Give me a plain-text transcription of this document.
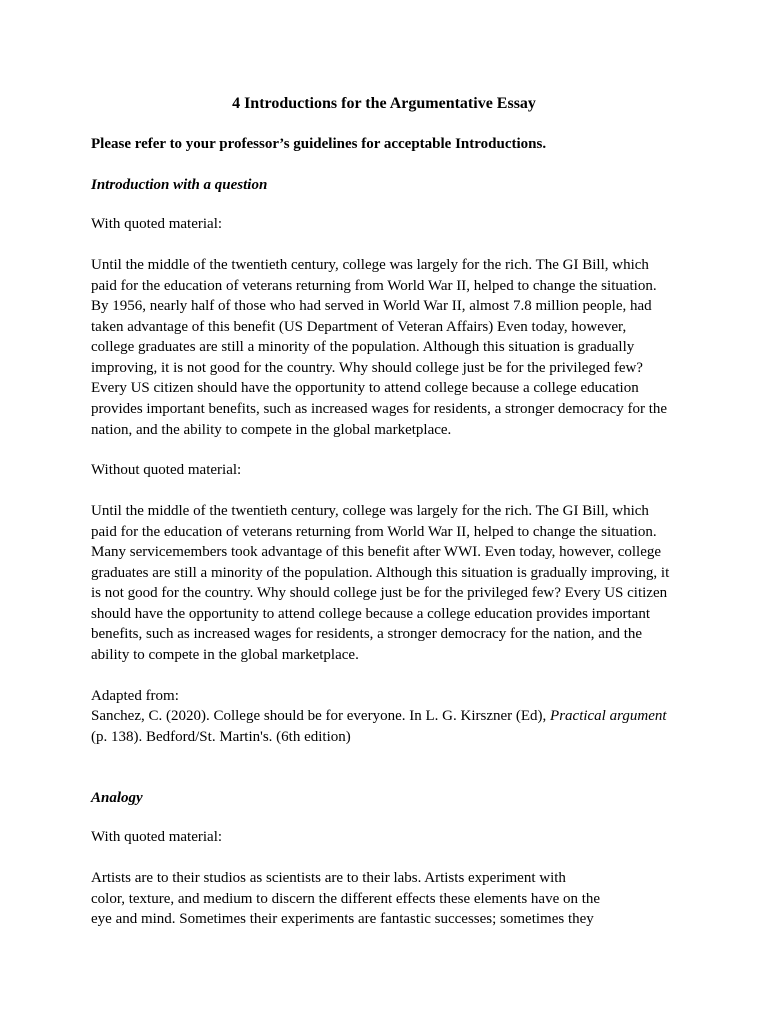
4 Introductions for the Argumentative Essay
Please refer to your professor’s guidelines for acceptable Introductions.
Introduction with a question
With quoted material:
Until the middle of the twentieth century, college was largely for the rich. The GI Bill, which
paid for the education of veterans returning from World War II, helped to change the situation.
By 1956, nearly half of those who had served in World War II, almost 7.8 million people, had
taken advantage of this benefit (US Department of Veteran Affairs) Even today, however,
college graduates are still a minority of the population. Although this situation is gradually
improving, it is not good for the country. Why should college just be for the privileged few?
Every US citizen should have the opportunity to attend college because a college education
provides important benefits, such as increased wages for residents, a stronger democracy for the
nation, and the ability to compete in the global marketplace.
Without quoted material:
Until the middle of the twentieth century, college was largely for the rich. The GI Bill, which
paid for the education of veterans returning from World War II, helped to change the situation.
Many servicemembers took advantage of this benefit after WWI. Even today, however, college
graduates are still a minority of the population. Although this situation is gradually improving, it
is not good for the country. Why should college just be for the privileged few? Every US citizen
should have the opportunity to attend college because a college education provides important
benefits, such as increased wages for residents, a stronger democracy for the nation, and the
ability to compete in the global marketplace.
Adapted from:
Sanchez, C. (2020). College should be for everyone. In L. G. Kirszner (Ed), Practical argument
(p. 138). Bedford/St. Martin's. (6th edition)
Analogy
With quoted material:
Artists are to their studios as scientists are to their labs. Artists experiment with
color, texture, and medium to discern the different effects these elements have on the
eye and mind. Sometimes their experiments are fantastic successes; sometimes they
